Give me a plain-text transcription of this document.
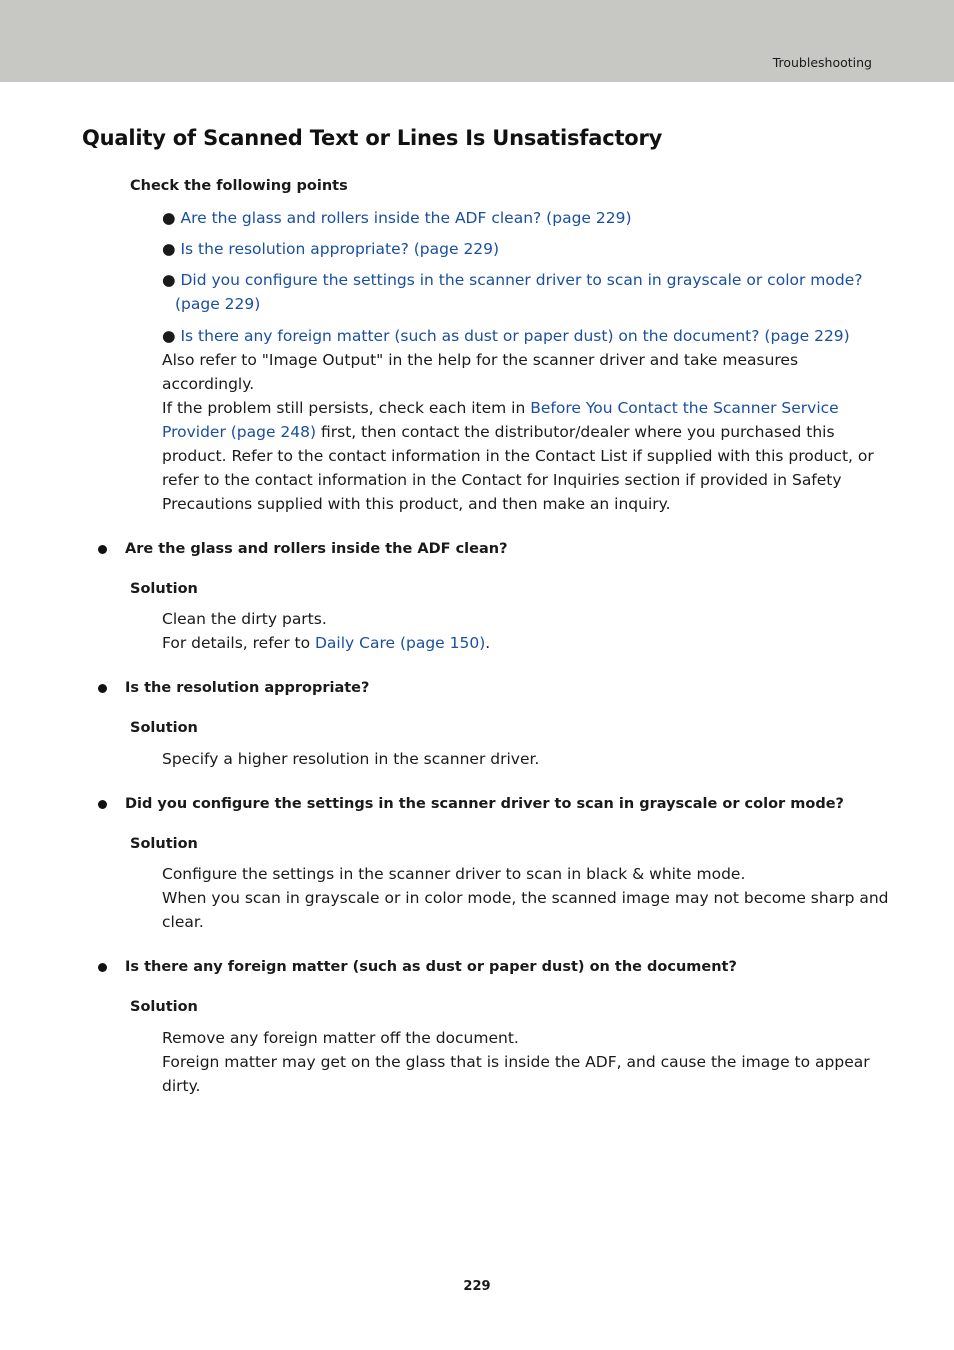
Troubleshooting
Quality of Scanned Text or Lines Is Unsatisfactory
Check the following points
● Are the glass and rollers inside the ADF clean? (page 229)
● Is the resolution appropriate? (page 229)
● Did you configure the settings in the scanner driver to scan in grayscale or color mode?
(page 229)
● Is there any foreign matter (such as dust or paper dust) on the document? (page 229)
Also refer to "Image Output" in the help for the scanner driver and take measures
accordingly.
If the problem still persists, check each item in Before You Contact the Scanner Service
Provider (page 248) first, then contact the distributor/dealer where you purchased this
product. Refer to the contact information in the Contact List if supplied with this product, or
refer to the contact information in the Contact for Inquiries section if provided in Safety
Precautions supplied with this product, and then make an inquiry.
Are the glass and rollers inside the ADF clean?
Solution
Clean the dirty parts.
For details, refer to Daily Care (page 150).
Is the resolution appropriate?
Solution
Specify a higher resolution in the scanner driver.
Did you configure the settings in the scanner driver to scan in grayscale or color mode?
Solution
Configure the settings in the scanner driver to scan in black & white mode.
When you scan in grayscale or in color mode, the scanned image may not become sharp and
clear.
Is there any foreign matter (such as dust or paper dust) on the document?
Solution
Remove any foreign matter off the document.
Foreign matter may get on the glass that is inside the ADF, and cause the image to appear
dirty.
229
